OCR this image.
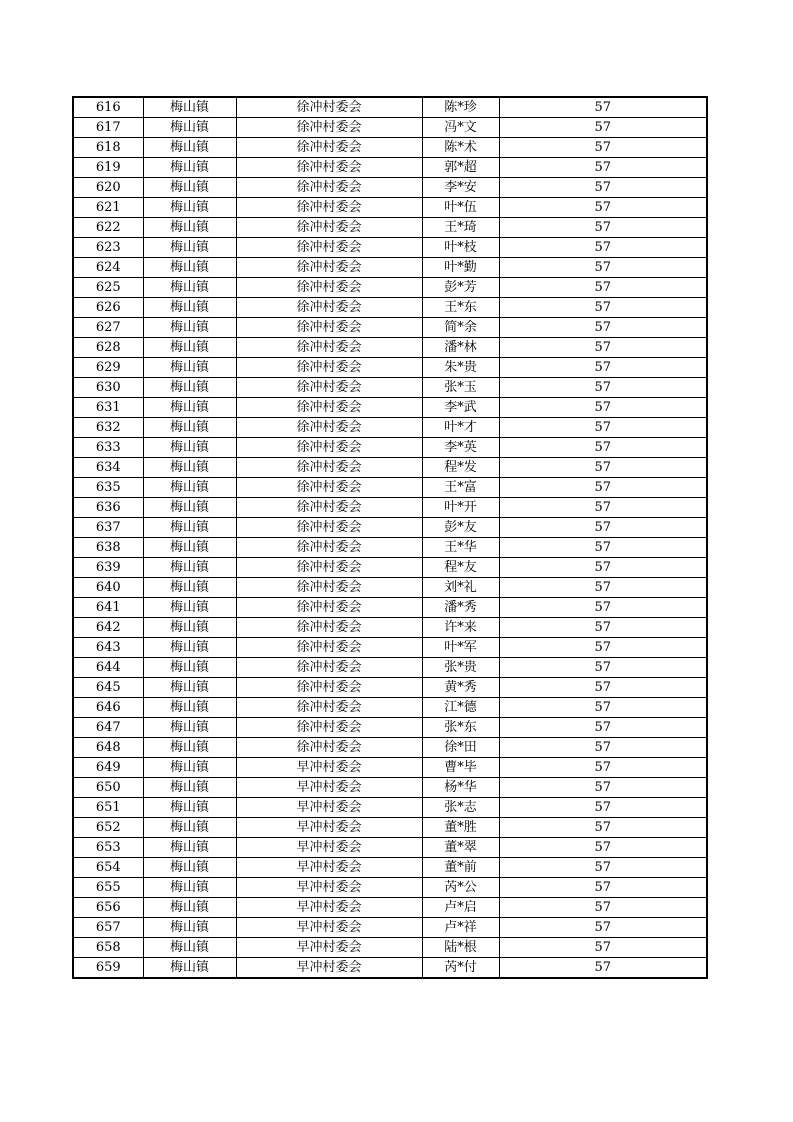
616	梅山镇	徐冲村委会	陈*珍	57
617	梅山镇	徐冲村委会	冯*文	57
618	梅山镇	徐冲村委会	陈*术	57
619	梅山镇	徐冲村委会	郭*超	57
620	梅山镇	徐冲村委会	李*安	57
621	梅山镇	徐冲村委会	叶*伍	57
622	梅山镇	徐冲村委会	王*琦	57
623	梅山镇	徐冲村委会	叶*枝	57
624	梅山镇	徐冲村委会	叶*勤	57
625	梅山镇	徐冲村委会	彭*芳	57
626	梅山镇	徐冲村委会	王*东	57
627	梅山镇	徐冲村委会	简*余	57
628	梅山镇	徐冲村委会	潘*林	57
629	梅山镇	徐冲村委会	朱*贵	57
630	梅山镇	徐冲村委会	张*玉	57
631	梅山镇	徐冲村委会	李*武	57
632	梅山镇	徐冲村委会	叶*才	57
633	梅山镇	徐冲村委会	李*英	57
634	梅山镇	徐冲村委会	程*发	57
635	梅山镇	徐冲村委会	王*富	57
636	梅山镇	徐冲村委会	叶*开	57
637	梅山镇	徐冲村委会	彭*友	57
638	梅山镇	徐冲村委会	王*华	57
639	梅山镇	徐冲村委会	程*友	57
640	梅山镇	徐冲村委会	刘*礼	57
641	梅山镇	徐冲村委会	潘*秀	57
642	梅山镇	徐冲村委会	许*来	57
643	梅山镇	徐冲村委会	叶*军	57
644	梅山镇	徐冲村委会	张*贵	57
645	梅山镇	徐冲村委会	黄*秀	57
646	梅山镇	徐冲村委会	江*德	57
647	梅山镇	徐冲村委会	张*东	57
648	梅山镇	徐冲村委会	徐*田	57
649	梅山镇	早冲村委会	曹*毕	57
650	梅山镇	早冲村委会	杨*华	57
651	梅山镇	早冲村委会	张*志	57
652	梅山镇	早冲村委会	董*胜	57
653	梅山镇	早冲村委会	董*翠	57
654	梅山镇	早冲村委会	董*前	57
655	梅山镇	早冲村委会	芮*公	57
656	梅山镇	早冲村委会	卢*启	57
657	梅山镇	早冲村委会	卢*祥	57
658	梅山镇	早冲村委会	陆*根	57
659	梅山镇	早冲村委会	芮*付	57
